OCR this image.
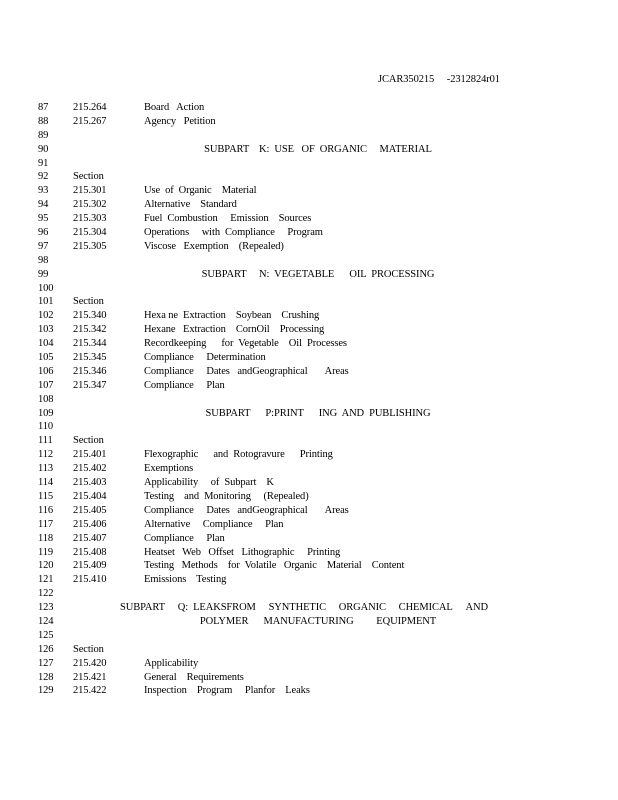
JCAR350215     -2312824r01
87	215.264	Board   Action
88	215.267	Agency   Petition
89
90	SUBPART    K:  USE   OF  ORGANIC     MATERIAL
91
92	Section
93	215.301	Use  of  Organic    Material
94	215.302	Alternative    Standard
95	215.303	Fuel  Combustion     Emission    Sources
96	215.304	Operations     with  Compliance     Program
97	215.305	Viscose   Exemption    (Repealed)
98
99	SUBPART     N:  VEGETABLE      OIL  PROCESSING
100
101	Section
102	215.340	Hexa ne  Extraction    Soybean    Crushing
103	215.342	Hexane   Extraction    CornOil    Processing
104	215.344	Recordkeeping      for  Vegetable    Oil  Processes
105	215.345	Compliance     Determination
106	215.346	Compliance     Dates   andGeographical       Areas
107	215.347	Compliance     Plan
108
109	SUBPART      P:PRINT      ING  AND  PUBLISHING
110
111	Section
112	215.401	Flexographic      and  Rotogravure      Printing
113	215.402	Exemptions
114	215.403	Applicability     of  Subpart    K
115	215.404	Testing    and  Monitoring     (Repealed)
116	215.405	Compliance     Dates   andGeographical       Areas
117	215.406	Alternative     Compliance     Plan
118	215.407	Compliance     Plan
119	215.408	Heatset   Web   Offset   Lithographic     Printing
120	215.409	Testing   Methods    for  Volatile   Organic    Material    Content
121	215.410	Emissions    Testing
122
123	SUBPART Q:  LEAKSFROM SYNTHETIC ORGANIC CHEMICAL AND
124	POLYMER      MANUFACTURING         EQUIPMENT
125
126	Section
127	215.420	Applicability
128	215.421	General    Requirements
129	215.422	Inspection    Program     Planfor    Leaks
